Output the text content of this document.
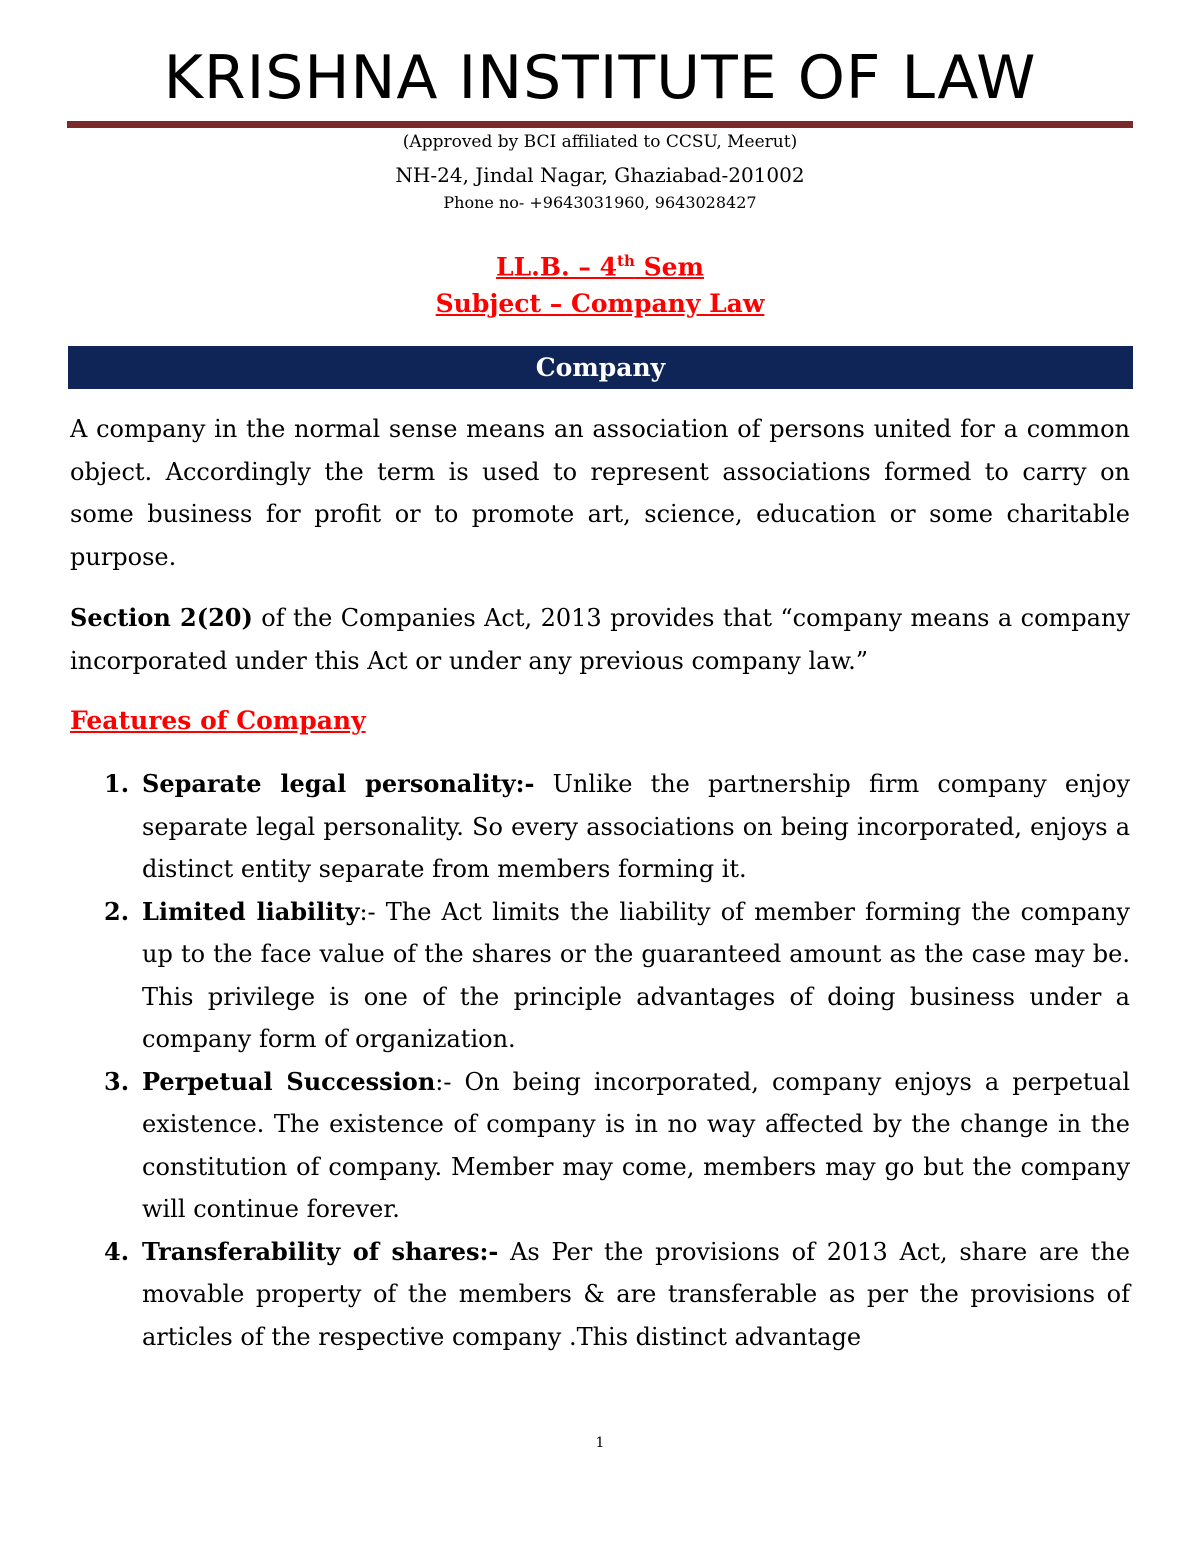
KRISHNA INSTITUTE OF LAW
(Approved by BCI affiliated to CCSU, Meerut)
NH-24, Jindal Nagar, Ghaziabad-201002
Phone no- +9643031960, 9643028427
LL.B. – 4th Sem
Subject – Company Law
Company

A company in the normal sense means an association of persons united for a common object. Accordingly the term is used to represent associations formed to carry on some business for profit or to promote art, science, education or some charitable purpose.

Section 2(20) of the Companies Act, 2013 provides that “company means a company incorporated under this Act or under any previous company law.”

Features of Company
1. Separate legal personality:- Unlike the partnership firm company enjoy separate legal personality. So every associations on being incorporated, enjoys a distinct entity separate from members forming it.

2. Limited liability:- The Act limits the liability of member forming the company up to the face value of the shares or the guaranteed amount as the case may be. This privilege is one of the principle advantages of doing business under a company form of organization.

3. Perpetual Succession:- On being incorporated, company enjoys a perpetual existence. The existence of company is in no way affected by the change in the constitution of company. Member may come, members may go but the company will continue forever.

4. Transferability of shares:- As Per the provisions of 2013 Act, share are the movable property of the members & are transferable as per the provisions of articles of the respective company .This distinct advantage

1
